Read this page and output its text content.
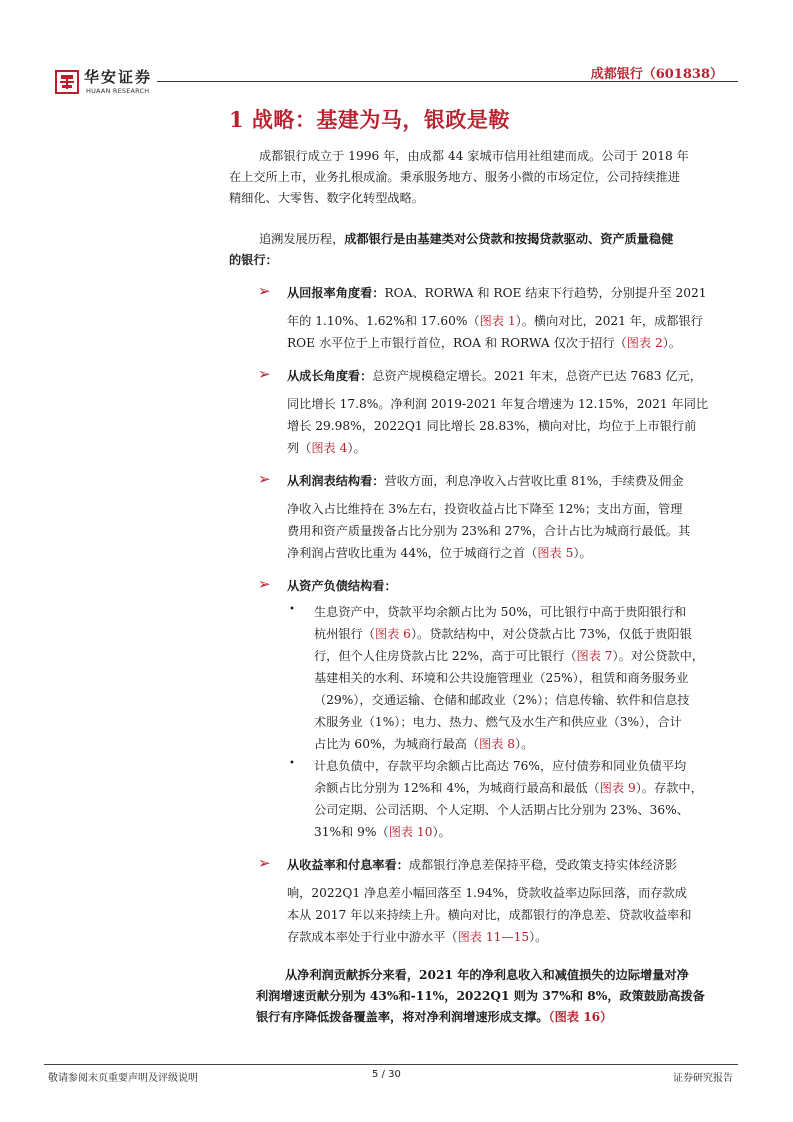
华安证券
HUAAN RESEARCH
成都银行（601838）
1 战略：基建为马，银政是鞍
成都银行成立于 1996 年，由成都 44 家城市信用社组建而成。公司于 2018 年
在上交所上市，业务扎根成渝。秉承服务地方、服务小微的市场定位，公司持续推进
精细化、大零售、数字化转型战略。
追溯发展历程，成都银行是由基建类对公贷款和按揭贷款驱动、资产质量稳健
的银行：
➢ 从回报率角度看：ROA、RORWA 和 ROE 结束下行趋势，分别提升至 2021
年的 1.10%、1.62%和 17.60%（图表 1）。横向对比，2021 年，成都银行
ROE 水平位于上市银行首位，ROA 和 RORWA 仅次于招行（图表 2）。
➢ 从成长角度看：总资产规模稳定增长。2021 年末，总资产已达 7683 亿元，
同比增长 17.8%。净利润 2019-2021 年复合增速为 12.15%，2021 年同比
增长 29.98%，2022Q1 同比增长 28.83%，横向对比，均位于上市银行前
列（图表 4）。
➢ 从利润表结构看：营收方面，利息净收入占营收比重 81%，手续费及佣金
净收入占比维持在 3%左右，投资收益占比下降至 12%；支出方面，管理
费用和资产质量拨备占比分别为 23%和 27%，合计占比为城商行最低。其
净利润占营收比重为 44%，位于城商行之首（图表 5）。
➢ 从资产负债结构看：
• 生息资产中，贷款平均余额占比为 50%，可比银行中高于贵阳银行和
杭州银行（图表 6）。贷款结构中，对公贷款占比 73%，仅低于贵阳银
行，但个人住房贷款占比 22%，高于可比银行（图表 7）。对公贷款中，
基建相关的水利、环境和公共设施管理业（25%），租赁和商务服务业
（29%），交通运输、仓储和邮政业（2%）；信息传输、软件和信息技
术服务业（1%）；电力、热力、燃气及水生产和供应业（3%），合计
占比为 60%，为城商行最高（图表 8）。
• 计息负债中，存款平均余额占比高达 76%，应付债券和同业负债平均
余额占比分别为 12%和 4%，为城商行最高和最低（图表 9）。存款中，
公司定期、公司活期、个人定期、个人活期占比分别为 23%、36%、
31%和 9%（图表 10）。
➢ 从收益率和付息率看：成都银行净息差保持平稳，受政策支持实体经济影
响，2022Q1 净息差小幅回落至 1.94%，贷款收益率边际回落，而存款成
本从 2017 年以来持续上升。横向对比，成都银行的净息差、贷款收益率和
存款成本率处于行业中游水平（图表 11—15）。
从净利润贡献拆分来看，2021 年的净利息收入和减值损失的边际增量对净
利润增速贡献分别为 43%和-11%，2022Q1 则为 37%和 8%，政策鼓励高拨备
银行有序降低拨备覆盖率，将对净利润增速形成支撑。（图表 16）
敬请参阅末页重要声明及评级说明	5 / 30	证券研究报告
